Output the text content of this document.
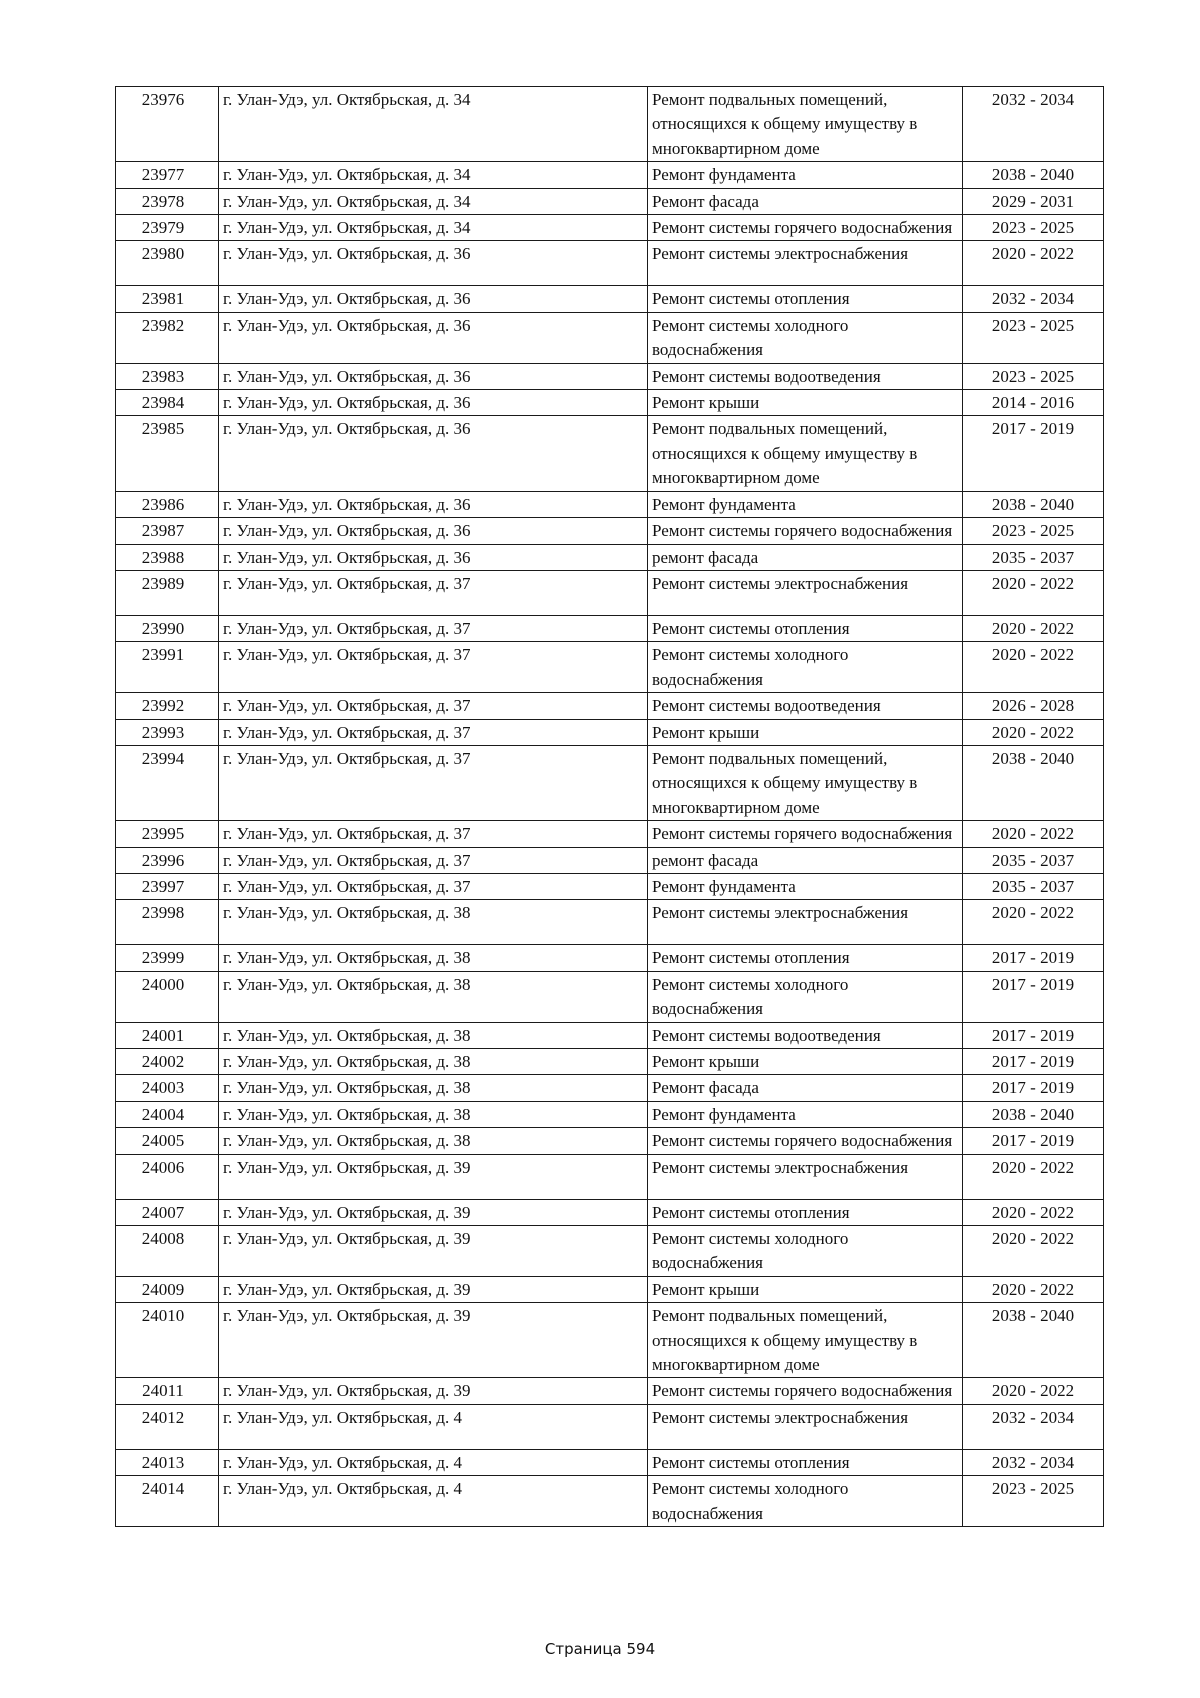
23976	г. Улан-Удэ, ул. Октябрьская, д. 34	Ремонт подвальных помещений, относящихся к общему имуществу в многоквартирном доме	2032 - 2034
23977	г. Улан-Удэ, ул. Октябрьская, д. 34	Ремонт фундамента	2038 - 2040
23978	г. Улан-Удэ, ул. Октябрьская, д. 34	Ремонт фасада	2029 - 2031
23979	г. Улан-Удэ, ул. Октябрьская, д. 34	Ремонт системы горячего водоснабжения	2023 - 2025
23980	г. Улан-Удэ, ул. Октябрьская, д. 36	Ремонт системы электроснабжения	2020 - 2022
23981	г. Улан-Удэ, ул. Октябрьская, д. 36	Ремонт системы отопления	2032 - 2034
23982	г. Улан-Удэ, ул. Октябрьская, д. 36	Ремонт системы холодного водоснабжения	2023 - 2025
23983	г. Улан-Удэ, ул. Октябрьская, д. 36	Ремонт системы водоотведения	2023 - 2025
23984	г. Улан-Удэ, ул. Октябрьская, д. 36	Ремонт крыши	2014 - 2016
23985	г. Улан-Удэ, ул. Октябрьская, д. 36	Ремонт подвальных помещений, относящихся к общему имуществу в многоквартирном доме	2017 - 2019
23986	г. Улан-Удэ, ул. Октябрьская, д. 36	Ремонт фундамента	2038 - 2040
23987	г. Улан-Удэ, ул. Октябрьская, д. 36	Ремонт системы горячего водоснабжения	2023 - 2025
23988	г. Улан-Удэ, ул. Октябрьская, д. 36	ремонт фасада	2035 - 2037
23989	г. Улан-Удэ, ул. Октябрьская, д. 37	Ремонт системы электроснабжения	2020 - 2022
23990	г. Улан-Удэ, ул. Октябрьская, д. 37	Ремонт системы отопления	2020 - 2022
23991	г. Улан-Удэ, ул. Октябрьская, д. 37	Ремонт системы холодного водоснабжения	2020 - 2022
23992	г. Улан-Удэ, ул. Октябрьская, д. 37	Ремонт системы водоотведения	2026 - 2028
23993	г. Улан-Удэ, ул. Октябрьская, д. 37	Ремонт крыши	2020 - 2022
23994	г. Улан-Удэ, ул. Октябрьская, д. 37	Ремонт подвальных помещений, относящихся к общему имуществу в многоквартирном доме	2038 - 2040
23995	г. Улан-Удэ, ул. Октябрьская, д. 37	Ремонт системы горячего водоснабжения	2020 - 2022
23996	г. Улан-Удэ, ул. Октябрьская, д. 37	ремонт фасада	2035 - 2037
23997	г. Улан-Удэ, ул. Октябрьская, д. 37	Ремонт фундамента	2035 - 2037
23998	г. Улан-Удэ, ул. Октябрьская, д. 38	Ремонт системы электроснабжения	2020 - 2022
23999	г. Улан-Удэ, ул. Октябрьская, д. 38	Ремонт системы отопления	2017 - 2019
24000	г. Улан-Удэ, ул. Октябрьская, д. 38	Ремонт системы холодного водоснабжения	2017 - 2019
24001	г. Улан-Удэ, ул. Октябрьская, д. 38	Ремонт системы водоотведения	2017 - 2019
24002	г. Улан-Удэ, ул. Октябрьская, д. 38	Ремонт крыши	2017 - 2019
24003	г. Улан-Удэ, ул. Октябрьская, д. 38	Ремонт фасада	2017 - 2019
24004	г. Улан-Удэ, ул. Октябрьская, д. 38	Ремонт фундамента	2038 - 2040
24005	г. Улан-Удэ, ул. Октябрьская, д. 38	Ремонт системы горячего водоснабжения	2017 - 2019
24006	г. Улан-Удэ, ул. Октябрьская, д. 39	Ремонт системы электроснабжения	2020 - 2022
24007	г. Улан-Удэ, ул. Октябрьская, д. 39	Ремонт системы отопления	2020 - 2022
24008	г. Улан-Удэ, ул. Октябрьская, д. 39	Ремонт системы холодного водоснабжения	2020 - 2022
24009	г. Улан-Удэ, ул. Октябрьская, д. 39	Ремонт крыши	2020 - 2022
24010	г. Улан-Удэ, ул. Октябрьская, д. 39	Ремонт подвальных помещений, относящихся к общему имуществу в многоквартирном доме	2038 - 2040
24011	г. Улан-Удэ, ул. Октябрьская, д. 39	Ремонт системы горячего водоснабжения	2020 - 2022
24012	г. Улан-Удэ, ул. Октябрьская, д. 4	Ремонт системы электроснабжения	2032 - 2034
24013	г. Улан-Удэ, ул. Октябрьская, д. 4	Ремонт системы отопления	2032 - 2034
24014	г. Улан-Удэ, ул. Октябрьская, д. 4	Ремонт системы холодного водоснабжения	2023 - 2025
Страница 594
